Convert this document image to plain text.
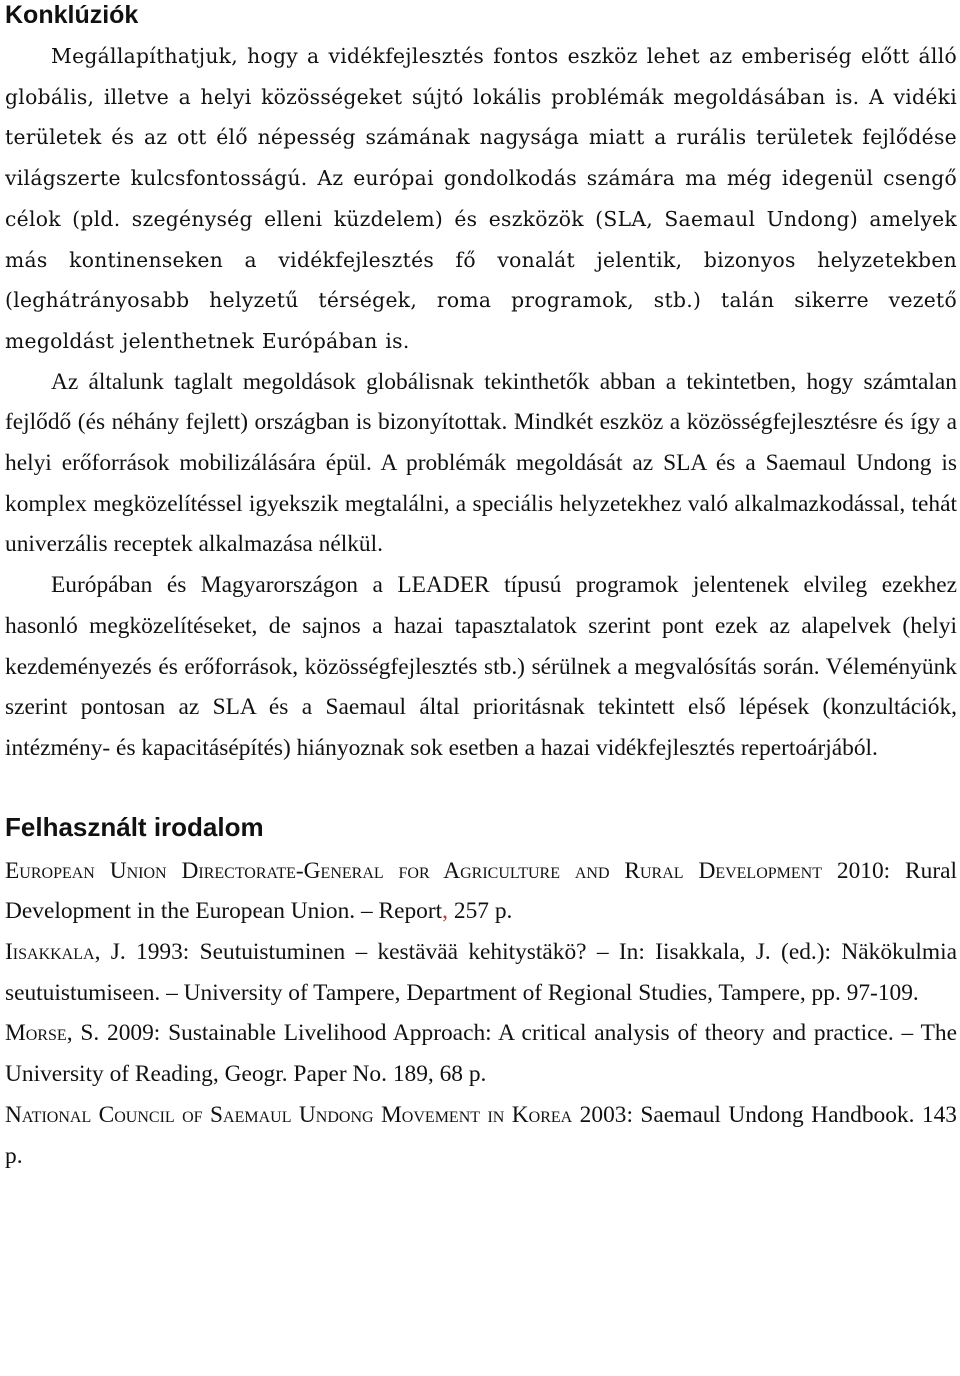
Konklúziók

Megállapíthatjuk, hogy a vidékfejlesztés fontos eszköz lehet az emberiség előtt álló globális, illetve a helyi közösségeket sújtó lokális problémák megoldásában is. A vidéki területek és az ott élő népesség számának nagysága miatt a rurális területek fejlődése világszerte kulcsfontosságú. Az európai gondolkodás számára ma még idegenül csengő célok (pld. szegénység elleni küzdelem) és eszközök (SLA, Saemaul Undong) amelyek más kontinenseken a vidékfejlesztés fő vonalát jelentik, bizonyos helyzetekben (leghátrányosabb helyzetű térségek, roma programok, stb.) talán sikerre vezető megoldást jelenthetnek Európában is.

Az általunk taglalt megoldások globálisnak tekinthetők abban a tekintetben, hogy számtalan fejlődő (és néhány fejlett) országban is bizonyítottak. Mindkét eszköz a közösségfejlesztésre és így a helyi erőforrások mobilizálására épül. A problémák megoldását az SLA és a Saemaul Undong is komplex megközelítéssel igyekszik megtalálni, a speciális helyzetekhez való alkalmazkodással, tehát univerzális receptek alkalmazása nélkül.

Európában és Magyarországon a LEADER típusú programok jelentenek elvileg ezekhez hasonló megközelítéseket, de sajnos a hazai tapasztalatok szerint pont ezek az alapelvek (helyi kezdeményezés és erőforrások, közösségfejlesztés stb.) sérülnek a megvalósítás során. Véleményünk szerint pontosan az SLA és a Saemaul által prioritásnak tekintett első lépések (konzultációk, intézmény- és kapacitásépítés) hiányoznak sok esetben a hazai vidékfejlesztés repertoárjából.

Felhasznált irodalom

European Union Directorate-General for Agriculture and Rural Development 2010: Rural Development in the European Union. – Report, 257 p.

Iisakkala, J. 1993: Seutuistuminen – kestävää kehitystäkö? – In: Iisakkala, J. (ed.): Näkökulmia seutuistumiseen. – University of Tampere, Department of Regional Studies, Tampere, pp. 97-109.

Morse, S. 2009: Sustainable Livelihood Approach: A critical analysis of theory and practice. – The University of Reading, Geogr. Paper No. 189, 68 p.

National Council of Saemaul Undong Movement in Korea 2003: Saemaul Undong Handbook. 143 p.
